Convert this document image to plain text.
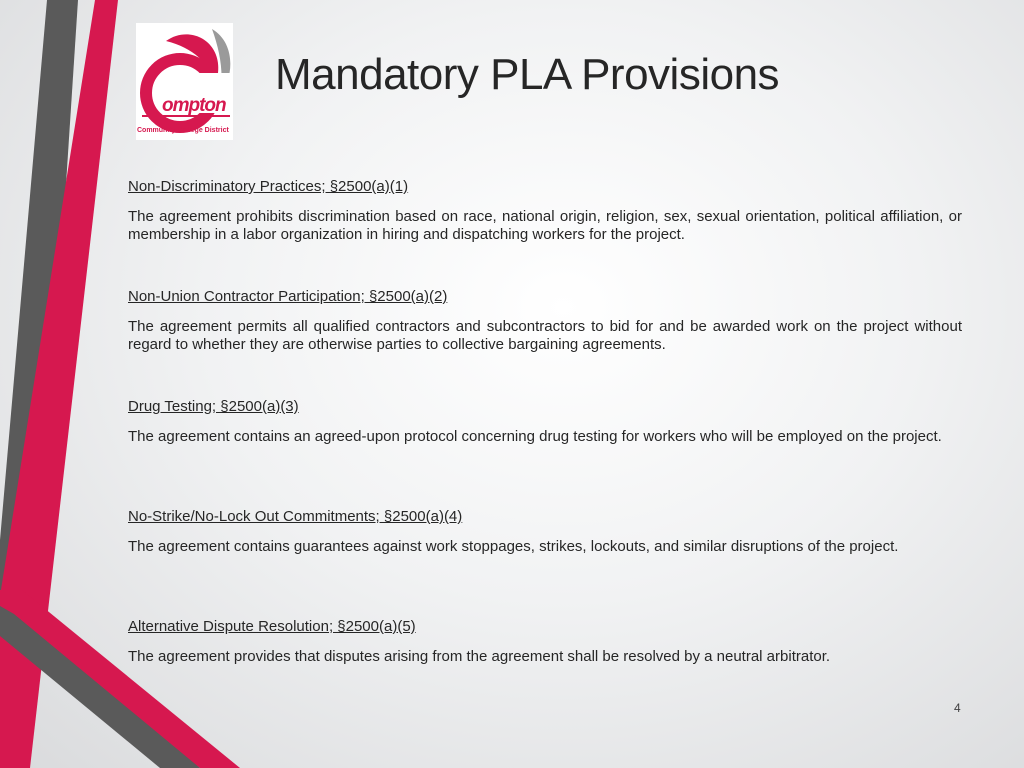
ompton
Community College District
Mandatory PLA Provisions

Non-Discriminatory Practices; §2500(a)(1)

The agreement prohibits discrimination based on race, national origin, religion, sex, sexual orientation, political affiliation, or membership in a labor organization in hiring and dispatching workers for the project.

Non-Union Contractor Participation; §2500(a)(2)

The agreement permits all qualified contractors and subcontractors to bid for and be awarded work on the project without regard to whether they are otherwise parties to collective bargaining agreements.

Drug Testing; §2500(a)(3)

The agreement contains an agreed-upon protocol concerning drug testing for workers who will be employed on the project.

No-Strike/No-Lock Out Commitments; §2500(a)(4)

The agreement contains guarantees against work stoppages, strikes, lockouts, and similar disruptions of the project.

Alternative Dispute Resolution; §2500(a)(5)

The agreement provides that disputes arising from the agreement shall be resolved by a neutral arbitrator.

4
